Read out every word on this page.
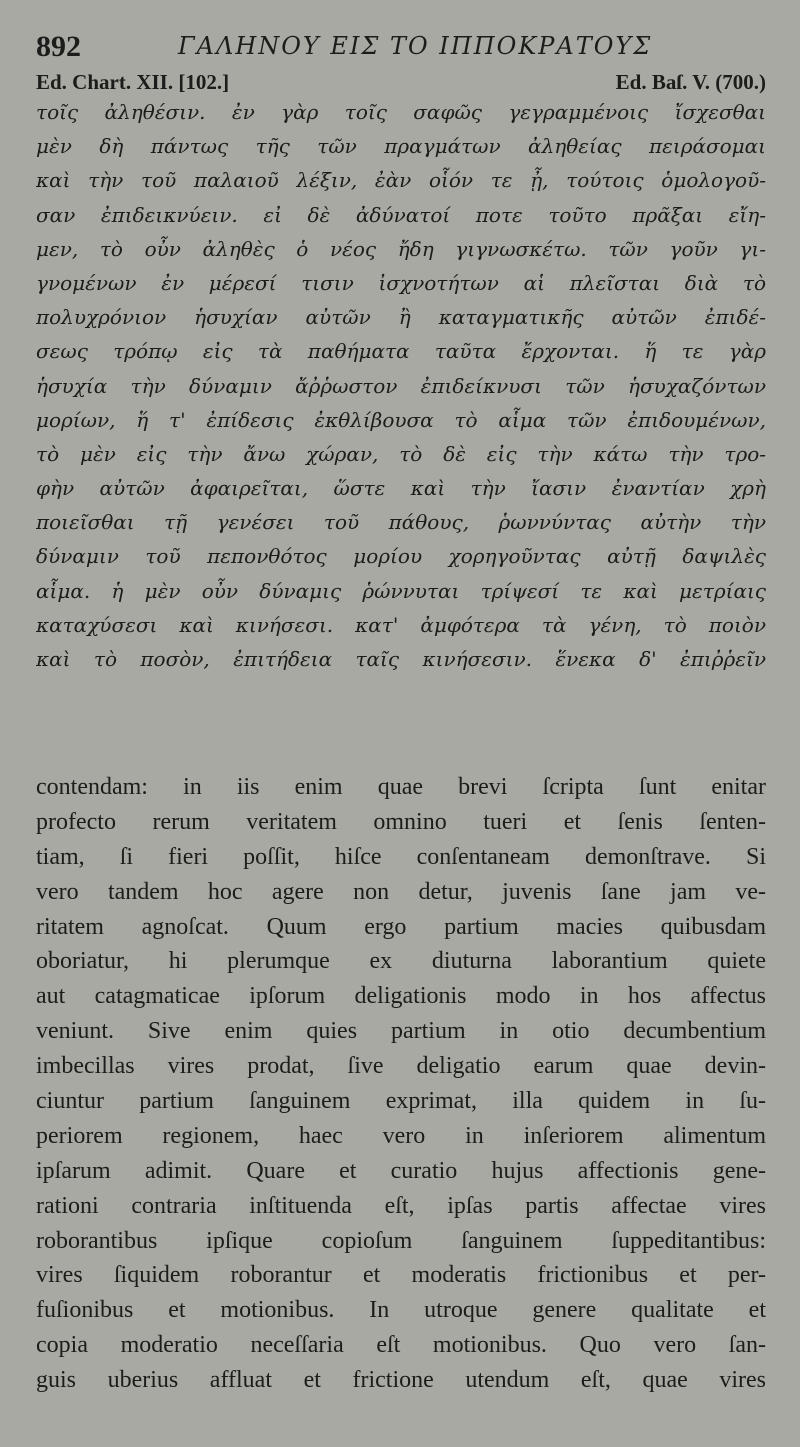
892	ΓΑΛΗΝΟΥ ΕΙΣ ΤΟ ΙΠΠΟΚΡΑΤΟΥΣ
Ed. Chart. XII. [102.]	Ed. Baſ. V. (700.)
τοῖς ἀληθέσιν. ἐν γὰρ τοῖς σαφῶς γεγραμμένοις ἴσχεσθαι
μὲν δὴ πάντως τῆς τῶν πραγμάτων ἀληθείας πειράσομαι
καὶ τὴν τοῦ παλαιοῦ λέξιν, ἐὰν οἷόν τε ᾖ, τούτοις ὁμολογοῦ-
σαν ἐπιδεικνύειν. εἰ δὲ ἀδύνατοί ποτε τοῦτο πρᾶξαι εἴη-
μεν, τὸ οὖν ἀληθὲς ὁ νέος ἤδη γιγνωσκέτω. τῶν γοῦν γι-
γνομένων ἐν μέρεσί τισιν ἰσχνοτήτων αἱ πλεῖσται διὰ τὸ
πολυχρόνιον ἡσυχίαν αὐτῶν ἢ καταγματικῆς αὐτῶν ἐπιδέ-
σεως τρόπῳ εἰς τὰ παθήματα ταῦτα ἔρχονται. ἥ τε γὰρ
ἡσυχία τὴν δύναμιν ἄῤῥωστον ἐπιδείκνυσι τῶν ἡσυχαζόντων
μορίων, ἥ τ' ἐπίδεσις ἐκθλίβουσα τὸ αἷμα τῶν ἐπιδουμένων,
τὸ μὲν εἰς τὴν ἄνω χώραν, τὸ δὲ εἰς τὴν κάτω τὴν τρο-
φὴν αὐτῶν ἀφαιρεῖται, ὥστε καὶ τὴν ἴασιν ἐναντίαν χρὴ
ποιεῖσθαι τῇ γενέσει τοῦ πάθους, ῥωννύντας αὐτὴν τὴν
δύναμιν τοῦ πεπονθότος μορίου χορηγοῦντας αὐτῇ δαψιλὲς
αἷμα. ἡ μὲν οὖν δύναμις ῥώννυται τρίψεσί τε καὶ μετρίαις
καταχύσεσι καὶ κινήσεσι. κατ' ἀμφότερα τὰ γένη, τὸ ποιὸν
καὶ τὸ ποσὸν, ἐπιτήδεια ταῖς κινήσεσιν. ἕνεκα δ' ἐπιῤῥεῖν
contendam: in iis enim quae brevi ſcripta ſunt enitar
profecto rerum veritatem omnino tueri et ſenis ſenten-
tiam, ſi fieri poſſit, hiſce conſentaneam demonſtrave. Si
vero tandem hoc agere non detur, juvenis ſane jam ve-
ritatem agnoſcat. Quum ergo partium macies quibusdam
oboriatur, hi plerumque ex diuturna laborantium quiete
aut catagmaticae ipſorum deligationis modo in hos affectus
veniunt. Sive enim quies partium in otio decumbentium
imbecillas vires prodat, ſive deligatio earum quae devin-
ciuntur partium ſanguinem exprimat, illa quidem in ſu-
periorem regionem, haec vero in inſeriorem alimentum
ipſarum adimit. Quare et curatio hujus affectionis gene-
rationi contraria inſtituenda eſt, ipſas partis affectae vires
roborantibus ipſique copioſum ſanguinem ſuppeditantibus:
vires ſiquidem roborantur et moderatis frictionibus et per-
fuſionibus et motionibus. In utroque genere qualitate et
copia moderatio neceſſaria eſt motionibus. Quo vero ſan-
guis uberius affluat et frictione utendum eſt, quae vires
